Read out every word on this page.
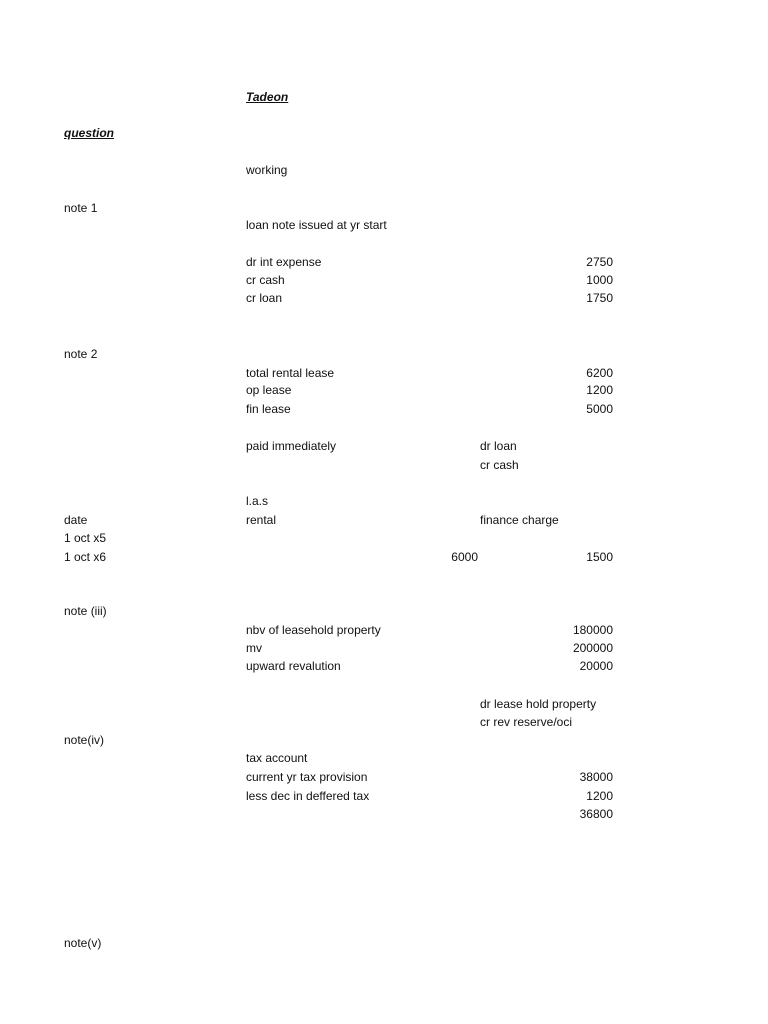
Tadeon
question
working
note 1
loan note issued at yr start
dr int expense	2750
cr cash	1000
cr loan	1750
note 2
total rental lease	6200
op lease	1200
fin lease	5000
paid immediately	dr loan
cr cash
l.a.s
date	rental	finance charge
1 oct x5
1 oct x6	6000	1500
note (iii)
nbv of leasehold property	180000
mv	200000
upward revalution	20000
dr lease hold property
cr rev reserve/oci
note(iv)
tax account
current yr tax provision	38000
less dec in deffered tax	1200
36800
note(v)
